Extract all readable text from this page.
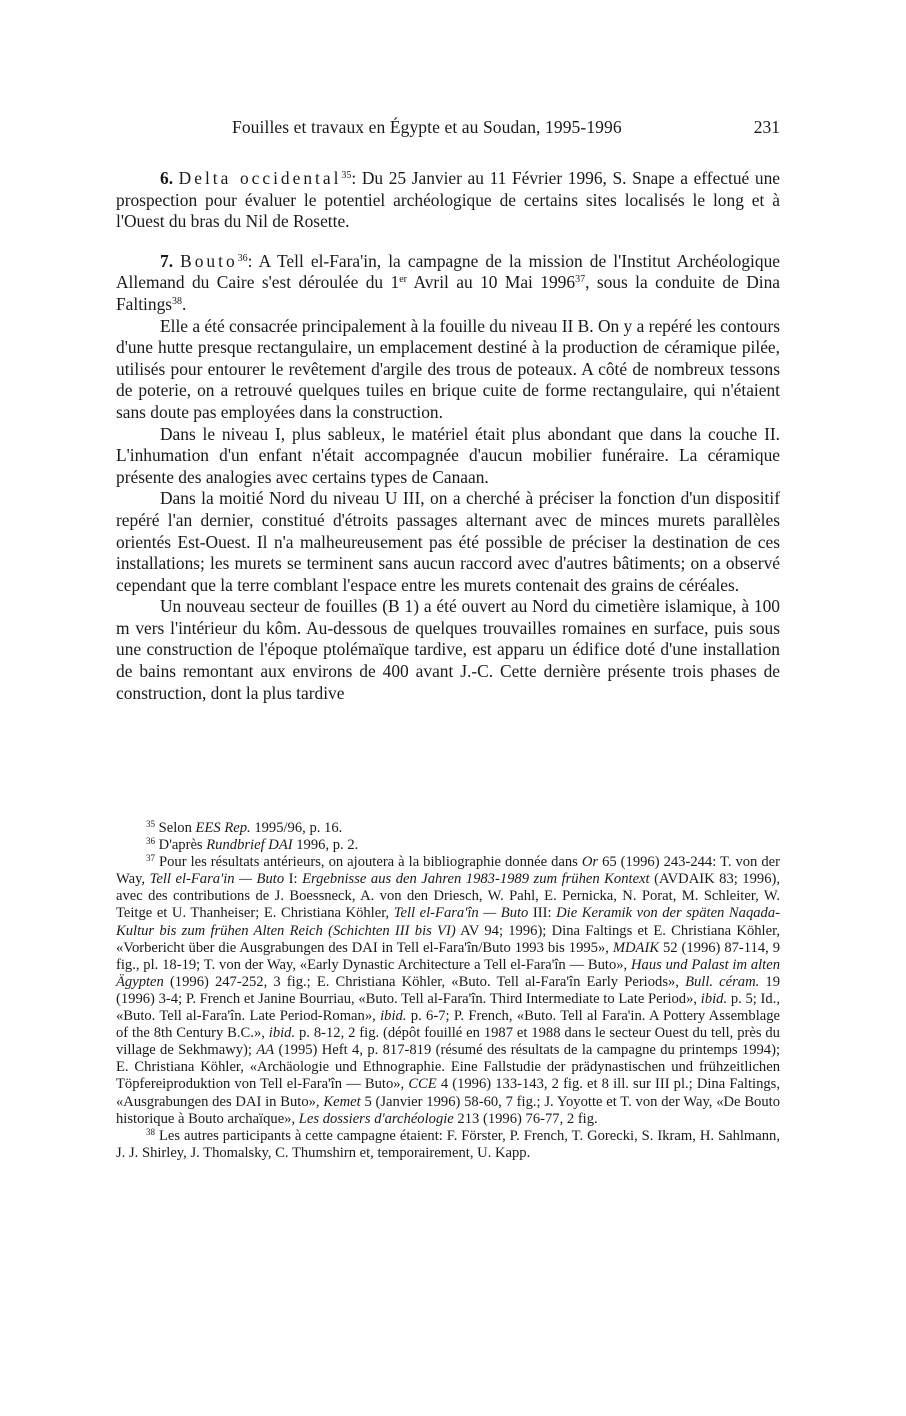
Fouilles et travaux en Égypte et au Soudan, 1995-1996	231

6. Delta occidental$^{35}$: Du 25 Janvier au 11 Février 1996, S. Snape a effectué une prospection pour évaluer le potentiel archéologique de certains sites localisés le long et à l'Ouest du bras du Nil de Rosette.

7. Bouto$^{36}$: A Tell el-Fara'in, la campagne de la mission de l'Institut Archéologique Allemand du Caire s'est déroulée du 1er Avril au 10 Mai 1996$^{37}$, sous la conduite de Dina Faltings$^{38}$.

Elle a été consacrée principalement à la fouille du niveau II B. On y a repéré les contours d'une hutte presque rectangulaire, un emplacement destiné à la production de céramique pilée, utilisés pour entourer le revêtement d'argile des trous de poteaux. A côté de nombreux tessons de poterie, on a retrouvé quelques tuiles en brique cuite de forme rectangulaire, qui n'étaient sans doute pas employées dans la construction.

Dans le niveau I, plus sableux, le matériel était plus abondant que dans la couche II. L'inhumation d'un enfant n'était accompagnée d'aucun mobilier funéraire. La céramique présente des analogies avec certains types de Canaan.

Dans la moitié Nord du niveau U III, on a cherché à préciser la fonction d'un dispositif repéré l'an dernier, constitué d'étroits passages alternant avec de minces murets parallèles orientés Est-Ouest. Il n'a malheureusement pas été possible de préciser la destination de ces installations; les murets se terminent sans aucun raccord avec d'autres bâtiments; on a observé cependant que la terre comblant l'espace entre les murets contenait des grains de céréales.

Un nouveau secteur de fouilles (B 1) a été ouvert au Nord du cimetière islamique, à 100 m vers l'intérieur du kôm. Au-dessous de quelques trouvailles romaines en surface, puis sous une construction de l'époque ptolémaïque tardive, est apparu un édifice doté d'une installation de bains remontant aux environs de 400 avant J.-C. Cette dernière présente trois phases de construction, dont la plus tardive

$^{35}$ Selon EES Rep. 1995/96, p. 16.

$^{36}$ D'après Rundbrief DAI 1996, p. 2.

$^{37}$ Pour les résultats antérieurs, on ajoutera à la bibliographie donnée dans Or 65 (1996) 243-244: T. von der Way, Tell el-Fara'in — Buto I: Ergebnisse aus den Jahren 1983-1989 zum frühen Kontext (AVDAIK 83; 1996), avec des contributions de J. Boessneck, A. von den Driesch, W. Pahl, E. Pernicka, N. Porat, M. Schleiter, W. Teitge et U. Thanheiser; E. Christiana Köhler, Tell el-Fara'în — Buto III: Die Keramik von der späten Naqada-Kultur bis zum frühen Alten Reich (Schichten III bis VI) AV 94; 1996); Dina Faltings et E. Christiana Köhler, «Vorbericht über die Ausgrabungen des DAI in Tell el-Fara'în/Buto 1993 bis 1995», MDAIK 52 (1996) 87-114, 9 fig., pl. 18-19; T. von der Way, «Early Dynastic Architecture a Tell el-Fara'în — Buto», Haus und Palast im alten Ägypten (1996) 247-252, 3 fig.; E. Christiana Köhler, «Buto. Tell al-Fara'în Early Periods», Bull. céram. 19 (1996) 3-4; P. French et Janine Bourriau, «Buto. Tell al-Fara'în. Third Intermediate to Late Period», ibid. p. 5; Id., «Buto. Tell al-Fara'în. Late Period-Roman», ibid. p. 6-7; P. French, «Buto. Tell al Fara'in. A Pottery Assemblage of the 8th Century B.C.», ibid. p. 8-12, 2 fig. (dépôt fouillé en 1987 et 1988 dans le secteur Ouest du tell, près du village de Sekhmawy); AA (1995) Heft 4, p. 817-819 (résumé des résultats de la campagne du printemps 1994); E. Christiana Köhler, «Archäologie und Ethnographie. Eine Fallstudie der prädynastischen und frühzeitlichen Töpfereiproduktion von Tell el-Fara'în — Buto», CCE 4 (1996) 133-143, 2 fig. et 8 ill. sur III pl.; Dina Faltings, «Ausgrabungen des DAI in Buto», Kemet 5 (Janvier 1996) 58-60, 7 fig.; J. Yoyotte et T. von der Way, «De Bouto historique à Bouto archaïque», Les dossiers d'archéologie 213 (1996) 76-77, 2 fig.

$^{38}$ Les autres participants à cette campagne étaient: F. Förster, P. French, T. Gorecki, S. Ikram, H. Sahlmann, J. J. Shirley, J. Thomalsky, C. Thumshirn et, temporairement, U. Kapp.
